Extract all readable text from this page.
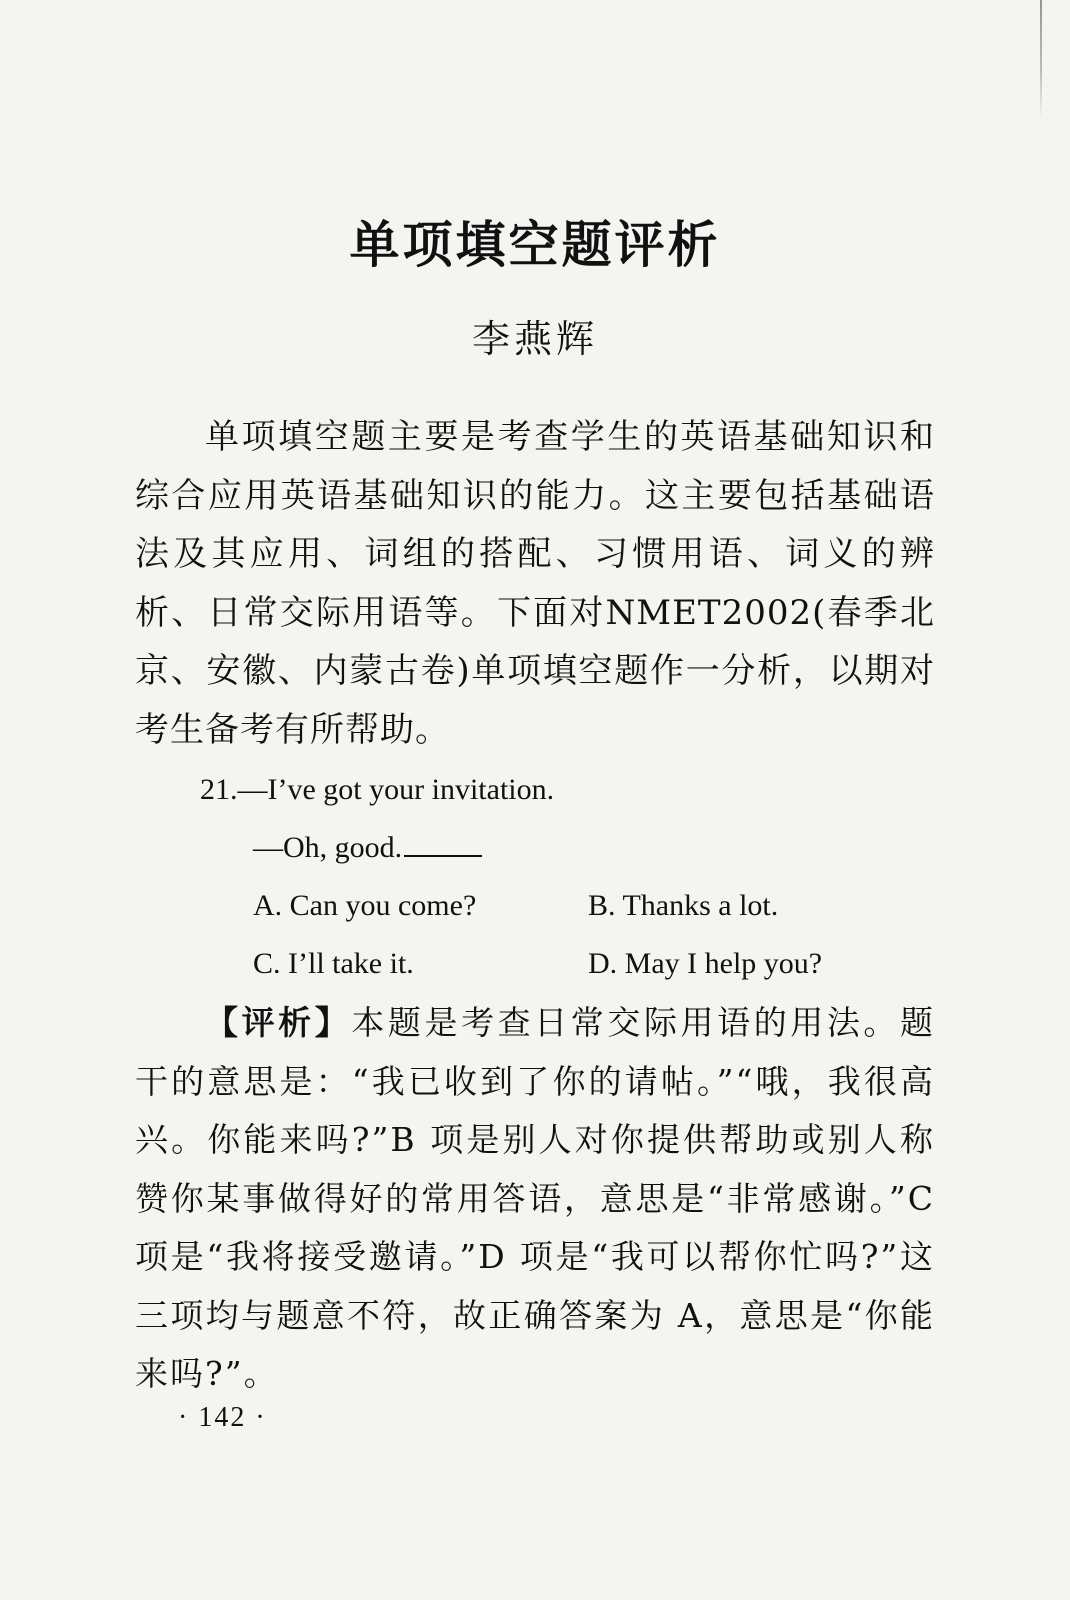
单项填空题评析
李燕辉
单项填空题主要是考查学生的英语基础知识和综合应用英语基础知识的能力。这主要包括基础语法及其应用、词组的搭配、习惯用语、词义的辨析、日常交际用语等。下面对NMET2002(春季北京、安徽、内蒙古卷)单项填空题作一分析，以期对考生备考有所帮助。
21.—I’ve got your invitation.
—Oh, good.
A. Can you come?	B. Thanks a lot.
C. I’ll take it.	D. May I help you?
【评析】本题是考查日常交际用语的用法。题干的意思是：“我已收到了你的请帖。”“哦，我很高兴。你能来吗?”B 项是别人对你提供帮助或别人称赞你某事做得好的常用答语，意思是“非常感谢。”C 项是“我将接受邀请。”D 项是“我可以帮你忙吗?”这三项均与题意不符，故正确答案为 A，意思是“你能来吗?”。
· 142 ·
